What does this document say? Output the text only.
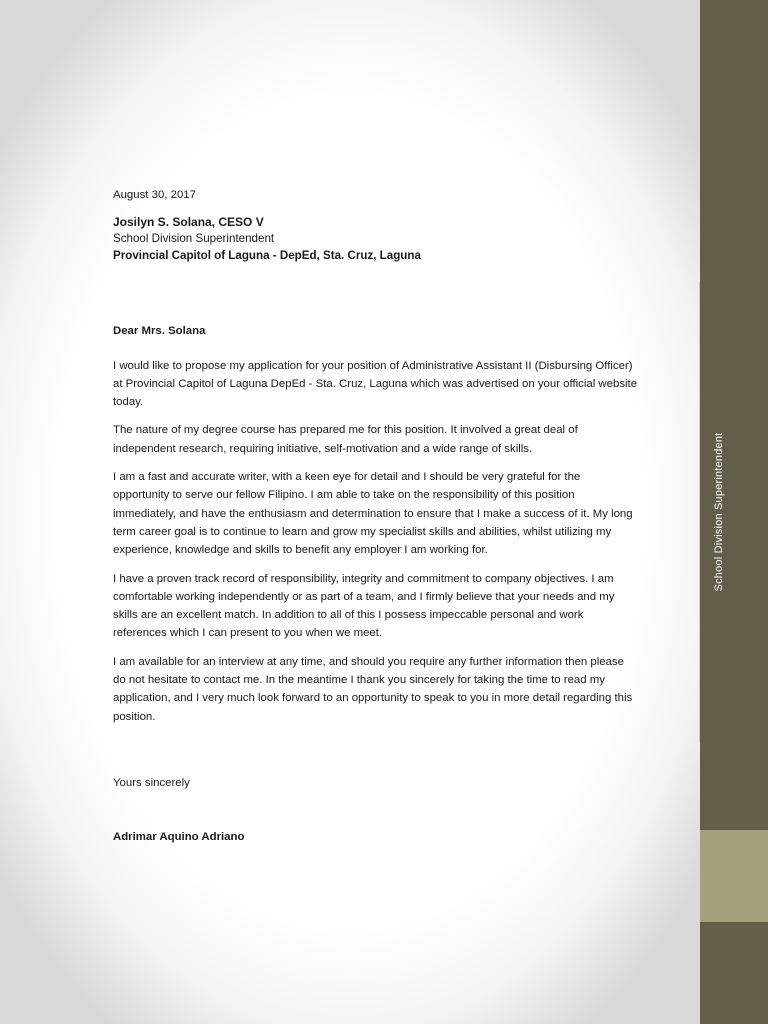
School Division Superintendent

August 30, 2017

Josilyn S. Solana, CESO V

School Division Superintendent

Provincial Capitol of Laguna - DepEd, Sta. Cruz, Laguna

Dear Mrs. Solana

I would like to propose my application for your position of Administrative Assistant II (Disbursing Officer) at Provincial Capitol of Laguna DepEd - Sta. Cruz, Laguna which was advertised on your official website today.

The nature of my degree course has prepared me for this position. It involved a great deal of independent research, requiring initiative, self-motivation and a wide range of skills.

I am a fast and accurate writer, with a keen eye for detail and I should be very grateful for the opportunity to serve our fellow Filipino. I am able to take on the responsibility of this position immediately, and have the enthusiasm and determination to ensure that I make a success of it. My long term career goal is to continue to learn and grow my specialist skills and abilities, whilst utilizing my experience, knowledge and skills to benefit any employer I am working for.

I have a proven track record of responsibility, integrity and commitment to company objectives. I am comfortable working independently or as part of a team, and I firmly believe that your needs and my skills are an excellent match. In addition to all of this I possess impeccable personal and work references which I can present to you when we meet.

I am available for an interview at any time, and should you require any further information then please do not hesitate to contact me. In the meantime I thank you sincerely for taking the time to read my application, and I very much look forward to an opportunity to speak to you in more detail regarding this position.

Yours sincerely

Adrimar Aquino Adriano
